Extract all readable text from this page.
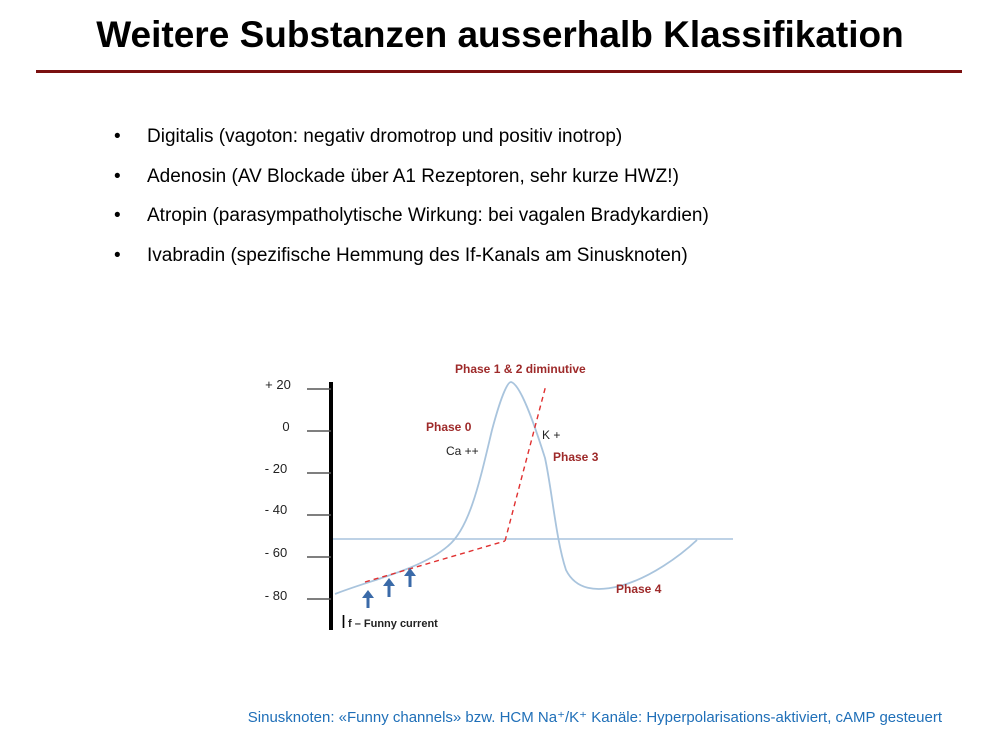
Weitere Substanzen ausserhalb Klassifikation
• Digitalis (vagoton: negativ dromotrop und positiv inotrop)
• Adenosin (AV Blockade über A1 Rezeptoren, sehr kurze HWZ!)
• Atropin (parasympatholytische Wirkung: bei vagalen Bradykardien)
• Ivabradin (spezifische Hemmung des If-Kanals am Sinusknoten)
+ 20
0
- 20
- 40
- 60
- 80
Phase 1 & 2 diminutive
Phase 0
Ca ++
K +
Phase 3
Phase 4
I f – Funny current
Sinusknoten: «Funny channels» bzw. HCM Na⁺/K⁺ Kanäle: Hyperpolarisations-aktiviert, cAMP gesteuert
